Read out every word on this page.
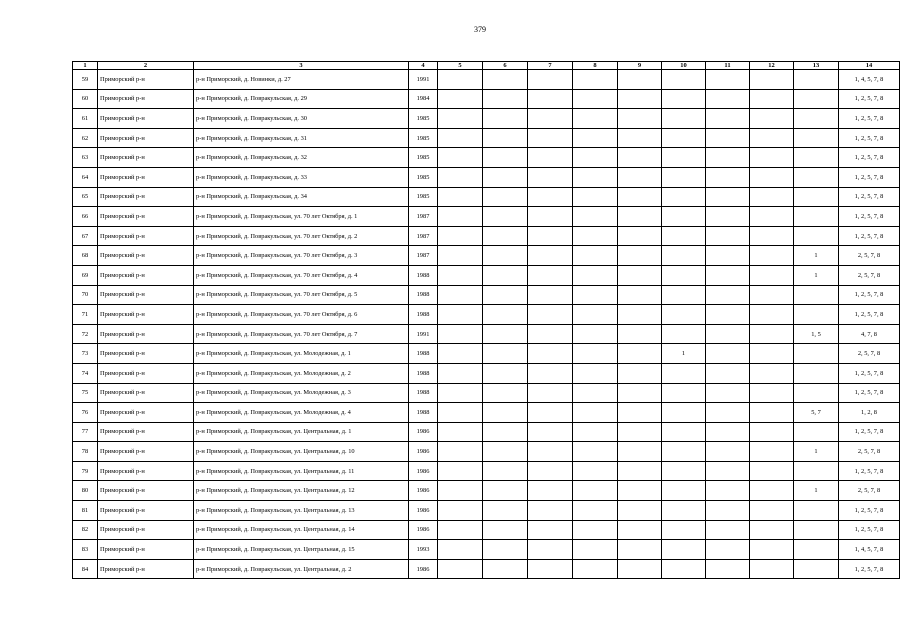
379
1	2	3	4	5	6	7	8	9	10	11	12	13	14
59	Приморский р-н	р-н Приморский, д. Новинки, д. 27	1991										1, 4, 5, 7, 8
60	Приморский р-н	р-н Приморский, д. Повракульская, д. 29	1984										1, 2, 5, 7, 8
61	Приморский р-н	р-н Приморский, д. Повракульская, д. 30	1985										1, 2, 5, 7, 8
62	Приморский р-н	р-н Приморский, д. Повракульская, д. 31	1985										1, 2, 5, 7, 8
63	Приморский р-н	р-н Приморский, д. Повракульская, д. 32	1985										1, 2, 5, 7, 8
64	Приморский р-н	р-н Приморский, д. Повракульская, д. 33	1985										1, 2, 5, 7, 8
65	Приморский р-н	р-н Приморский, д. Повракульская, д. 34	1985										1, 2, 5, 7, 8
66	Приморский р-н	р-н Приморский, д. Повракульская, ул. 70 лет Октября, д. 1	1987										1, 2, 5, 7, 8
67	Приморский р-н	р-н Приморский, д. Повракульская, ул. 70 лет Октября, д. 2	1987										1, 2, 5, 7, 8
68	Приморский р-н	р-н Приморский, д. Повракульская, ул. 70 лет Октября, д. 3	1987									1	2, 5, 7, 8
69	Приморский р-н	р-н Приморский, д. Повракульская, ул. 70 лет Октября, д. 4	1988									1	2, 5, 7, 8
70	Приморский р-н	р-н Приморский, д. Повракульская, ул. 70 лет Октября, д. 5	1988										1, 2, 5, 7, 8
71	Приморский р-н	р-н Приморский, д. Повракульская, ул. 70 лет Октября, д. 6	1988										1, 2, 5, 7, 8
72	Приморский р-н	р-н Приморский, д. Повракульская, ул. 70 лет Октября, д. 7	1991									1, 5	4, 7, 8
73	Приморский р-н	р-н Приморский, д. Повракульская, ул. Молодежная, д. 1	1988						1				2, 5, 7, 8
74	Приморский р-н	р-н Приморский, д. Повракульская, ул. Молодежная, д. 2	1988										1, 2, 5, 7, 8
75	Приморский р-н	р-н Приморский, д. Повракульская, ул. Молодежная, д. 3	1988										1, 2, 5, 7, 8
76	Приморский р-н	р-н Приморский, д. Повракульская, ул. Молодежная, д. 4	1988									5, 7	1, 2, 8
77	Приморский р-н	р-н Приморский, д. Повракульская, ул. Центральная, д. 1	1986										1, 2, 5, 7, 8
78	Приморский р-н	р-н Приморский, д. Повракульская, ул. Центральная, д. 10	1986									1	2, 5, 7, 8
79	Приморский р-н	р-н Приморский, д. Повракульская, ул. Центральная, д. 11	1986										1, 2, 5, 7, 8
80	Приморский р-н	р-н Приморский, д. Повракульская, ул. Центральная, д. 12	1986									1	2, 5, 7, 8
81	Приморский р-н	р-н Приморский, д. Повракульская, ул. Центральная, д. 13	1986										1, 2, 5, 7, 8
82	Приморский р-н	р-н Приморский, д. Повракульская, ул. Центральная, д. 14	1986										1, 2, 5, 7, 8
83	Приморский р-н	р-н Приморский, д. Повракульская, ул. Центральная, д. 15	1993										1, 4, 5, 7, 8
84	Приморский р-н	р-н Приморский, д. Повракульская, ул. Центральная, д. 2	1986										1, 2, 5, 7, 8
